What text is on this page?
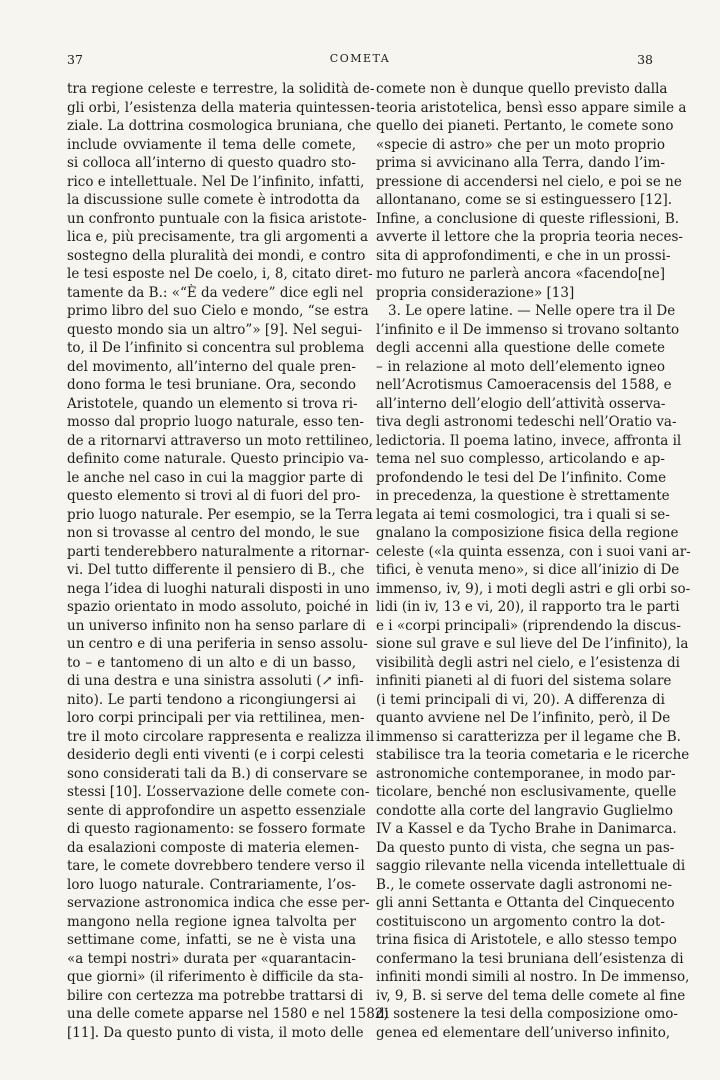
37	COMETA	38
tra regione celeste e terrestre, la solidità de-
gli orbi, l’esistenza della materia quintessen-
ziale. La dottrina cosmologica bruniana, che
include ovviamente il tema delle comete,
si colloca all’interno di questo quadro sto-
rico e intellettuale. Nel De l’infinito, infatti,
la discussione sulle comete è introdotta da
un confronto puntuale con la fisica aristote-
lica e, più precisamente, tra gli argomenti a
sostegno della pluralità dei mondi, e contro
le tesi esposte nel De coelo, i, 8, citato diret-
tamente da B.: «“È da vedere” dice egli nel
primo libro del suo Cielo e mondo, “se estra
questo mondo sia un altro”» [9]. Nel segui-
to, il De l’infinito si concentra sul problema
del movimento, all’interno del quale pren-
dono forma le tesi bruniane. Ora, secondo
Aristotele, quando un elemento si trova ri-
mosso dal proprio luogo naturale, esso ten-
de a ritornarvi attraverso un moto rettilineo,
definito come naturale. Questo principio va-
le anche nel caso in cui la maggior parte di
questo elemento si trovi al di fuori del pro-
prio luogo naturale. Per esempio, se la Terra
non si trovasse al centro del mondo, le sue
parti tenderebbero naturalmente a ritornar-
vi. Del tutto differente il pensiero di B., che
nega l’idea di luoghi naturali disposti in uno
spazio orientato in modo assoluto, poiché in
un universo infinito non ha senso parlare di
un centro e di una periferia in senso assolu-
to – e tantomeno di un alto e di un basso,
di una destra e una sinistra assoluti (↗ infi-
nito). Le parti tendono a ricongiungersi ai
loro corpi principali per via rettilinea, men-
tre il moto circolare rappresenta e realizza il
desiderio degli enti viventi (e i corpi celesti
sono considerati tali da B.) di conservare se
stessi [10]. L’osservazione delle comete con-
sente di approfondire un aspetto essenziale
di questo ragionamento: se fossero formate
da esalazioni composte di materia elemen-
tare, le comete dovrebbero tendere verso il
loro luogo naturale. Contrariamente, l’os-
servazione astronomica indica che esse per-
mangono nella regione ignea talvolta per
settimane come, infatti, se ne è vista una
«a tempi nostri» durata per «quarantacin-
que giorni» (il riferimento è difficile da sta-
bilire con certezza ma potrebbe trattarsi di
una delle comete apparse nel 1580 e nel 1582)
[11]. Da questo punto di vista, il moto delle
comete non è dunque quello previsto dalla
teoria aristotelica, bensì esso appare simile a
quello dei pianeti. Pertanto, le comete sono
«specie di astro» che per un moto proprio
prima si avvicinano alla Terra, dando l’im-
pressione di accendersi nel cielo, e poi se ne
allontanano, come se si estinguessero [12].
Infine, a conclusione di queste riflessioni, B.
avverte il lettore che la propria teoria neces-
sita di approfondimenti, e che in un prossi-
mo futuro ne parlerà ancora «facendo[ne]
propria considerazione» [13]
3. Le opere latine. — Nelle opere tra il De
l’infinito e il De immenso si trovano soltanto
degli accenni alla questione delle comete
– in relazione al moto dell’elemento igneo
nell’Acrotismus Camoeracensis del 1588, e
all’interno dell’elogio dell’attività osserva-
tiva degli astronomi tedeschi nell’Oratio va-
ledictoria. Il poema latino, invece, affronta il
tema nel suo complesso, articolando e ap-
profondendo le tesi del De l’infinito. Come
in precedenza, la questione è strettamente
legata ai temi cosmologici, tra i quali si se-
gnalano la composizione fisica della regione
celeste («la quinta essenza, con i suoi vani ar-
tifici, è venuta meno», si dice all’inizio di De
immenso, iv, 9), i moti degli astri e gli orbi so-
lidi (in iv, 13 e vi, 20), il rapporto tra le parti
e i «corpi principali» (riprendendo la discus-
sione sul grave e sul lieve del De l’infinito), la
visibilità degli astri nel cielo, e l’esistenza di
infiniti pianeti al di fuori del sistema solare
(i temi principali di vi, 20). A differenza di
quanto avviene nel De l’infinito, però, il De
immenso si caratterizza per il legame che B.
stabilisce tra la teoria cometaria e le ricerche
astronomiche contemporanee, in modo par-
ticolare, benché non esclusivamente, quelle
condotte alla corte del langravio Guglielmo
IV a Kassel e da Tycho Brahe in Danimarca.
Da questo punto di vista, che segna un pas-
saggio rilevante nella vicenda intellettuale di
B., le comete osservate dagli astronomi ne-
gli anni Settanta e Ottanta del Cinquecento
costituiscono un argomento contro la dot-
trina fisica di Aristotele, e allo stesso tempo
confermano la tesi bruniana dell’esistenza di
infiniti mondi simili al nostro. In De immenso,
iv, 9, B. si serve del tema delle comete al fine
di sostenere la tesi della composizione omo-
genea ed elementare dell’universo infinito,
